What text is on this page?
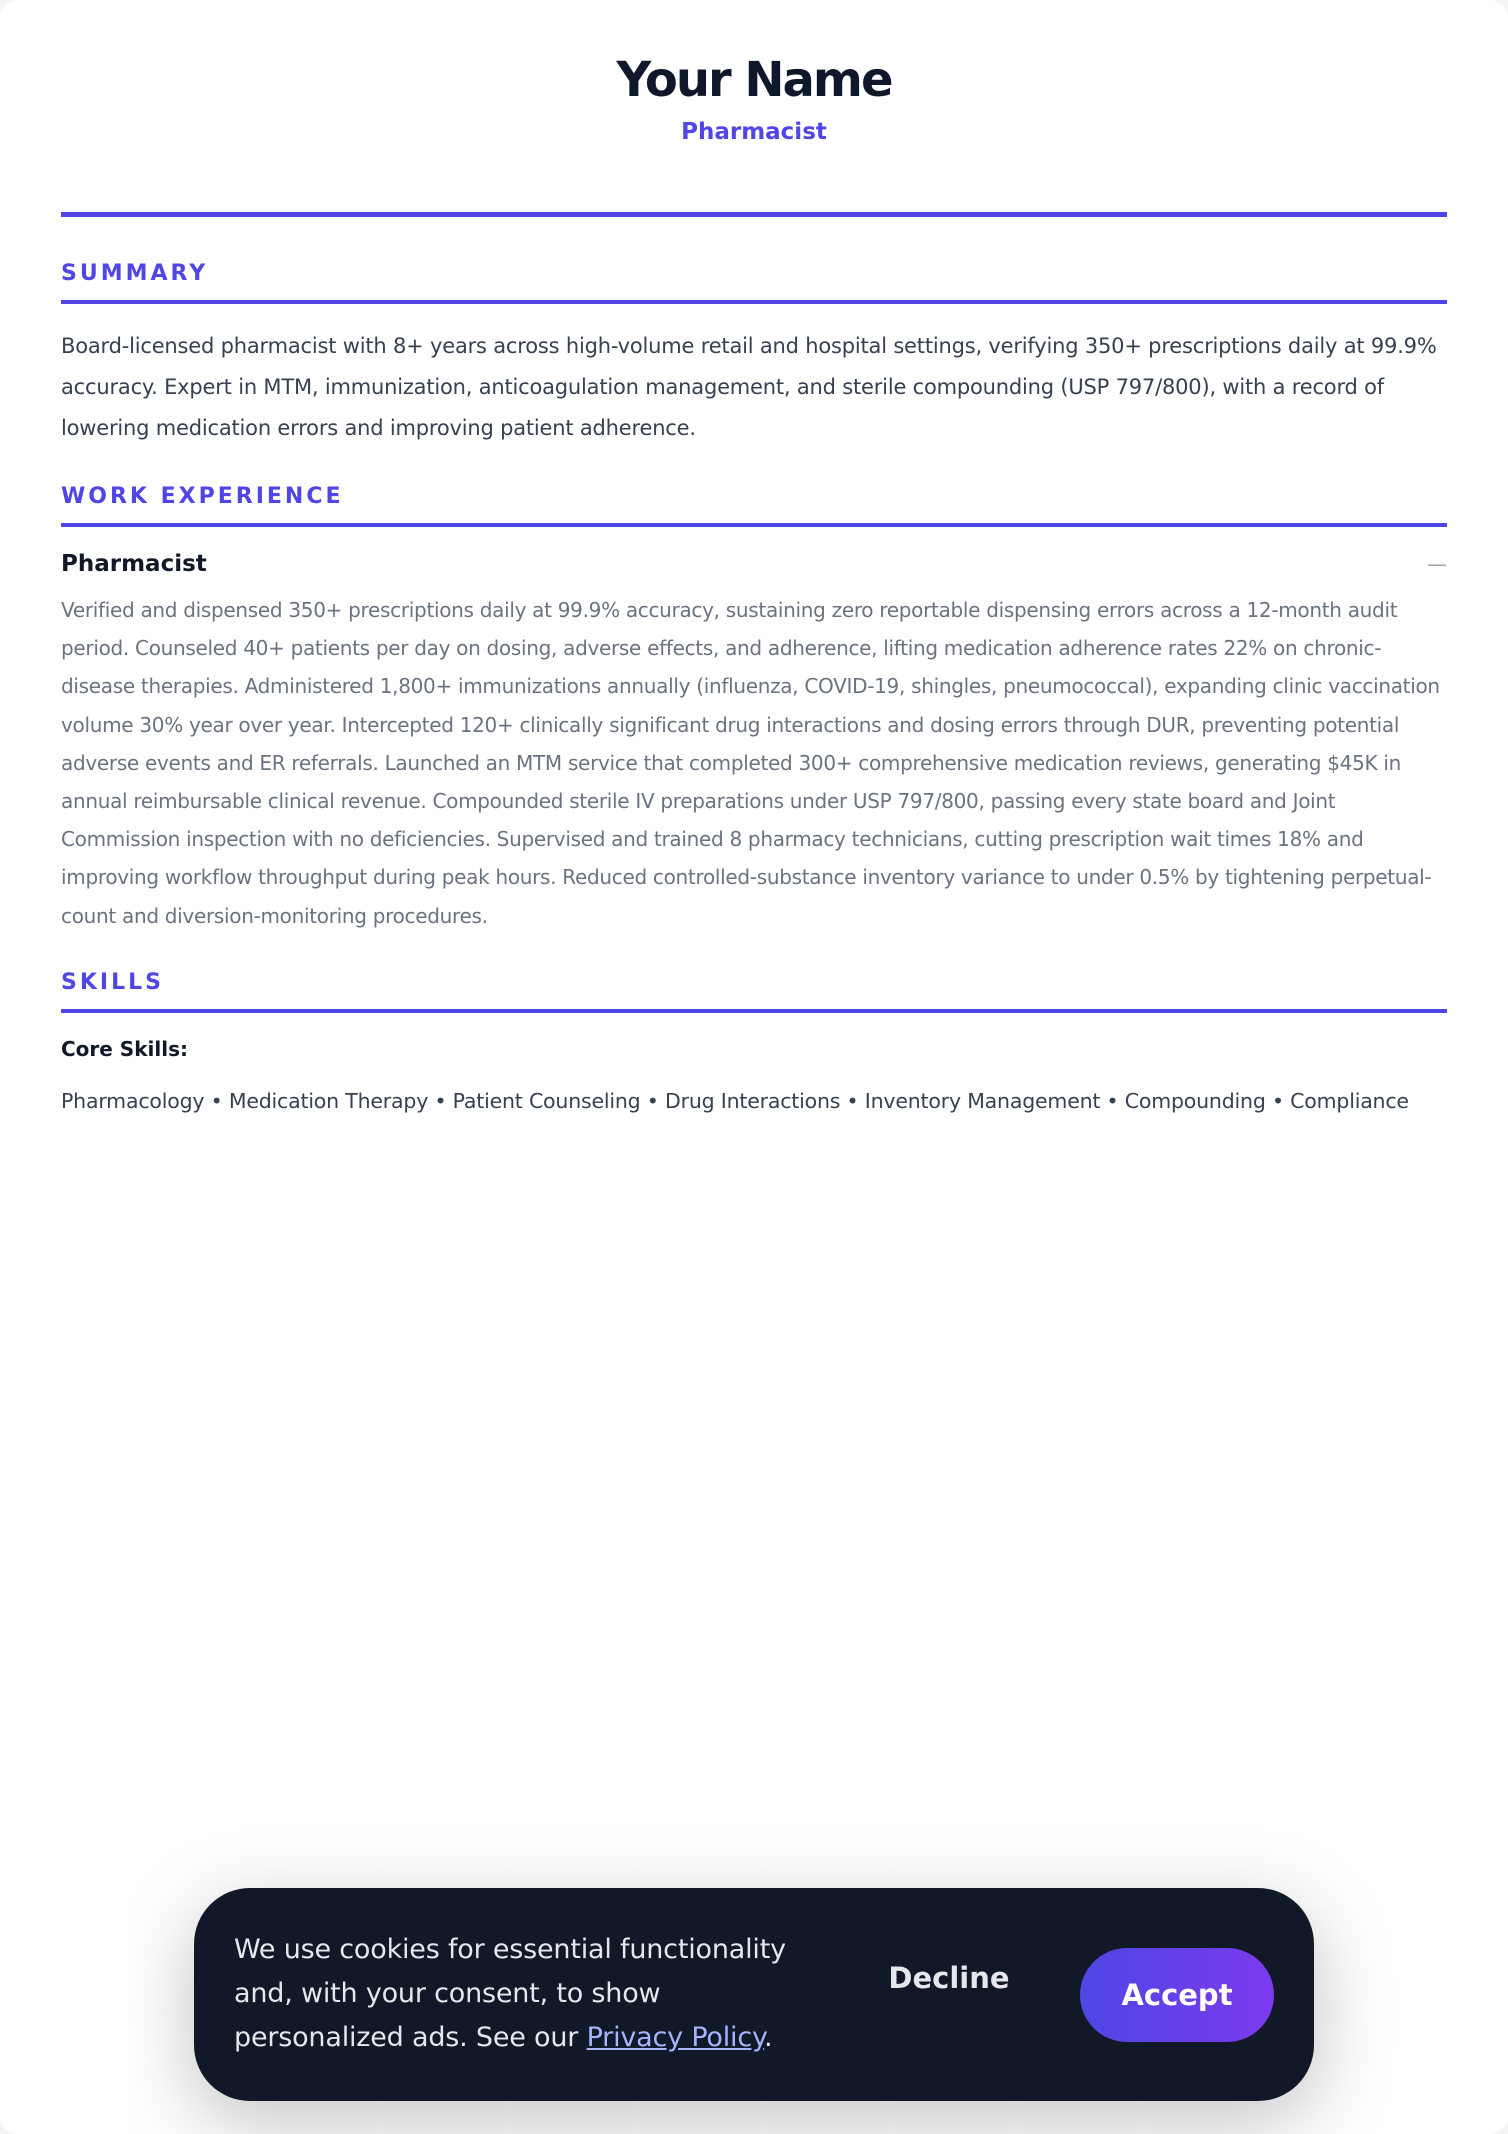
Your Name
Pharmacist
SUMMARY

Board-licensed pharmacist with 8+ years across high-volume retail and hospital settings, verifying 350+ prescriptions daily at 99.9% accuracy. Expert in MTM, immunization, anticoagulation management, and sterile compounding (USP 797/800), with a record of lowering medication errors and improving patient adherence.

WORK EXPERIENCE
Pharmacist	—

Verified and dispensed 350+ prescriptions daily at 99.9% accuracy, sustaining zero reportable dispensing errors across a 12-month audit period. Counseled 40+ patients per day on dosing, adverse effects, and adherence, lifting medication adherence rates 22% on chronic-disease therapies. Administered 1,800+ immunizations annually (influenza, COVID-19, shingles, pneumococcal), expanding clinic vaccination volume 30% year over year. Intercepted 120+ clinically significant drug interactions and dosing errors through DUR, preventing potential adverse events and ER referrals. Launched an MTM service that completed 300+ comprehensive medication reviews, generating $45K in annual reimbursable clinical revenue. Compounded sterile IV preparations under USP 797/800, passing every state board and Joint Commission inspection with no deficiencies. Supervised and trained 8 pharmacy technicians, cutting prescription wait times 18% and improving workflow throughput during peak hours. Reduced controlled-substance inventory variance to under 0.5% by tightening perpetual-count and diversion-monitoring procedures.

SKILLS
Core Skills:
Pharmacology • Medication Therapy • Patient Counseling • Drug Interactions • Inventory Management • Compounding • Compliance
We use cookies for essential functionality and, with your consent, to show personalized ads. See our Privacy Policy.
Decline	Accept
